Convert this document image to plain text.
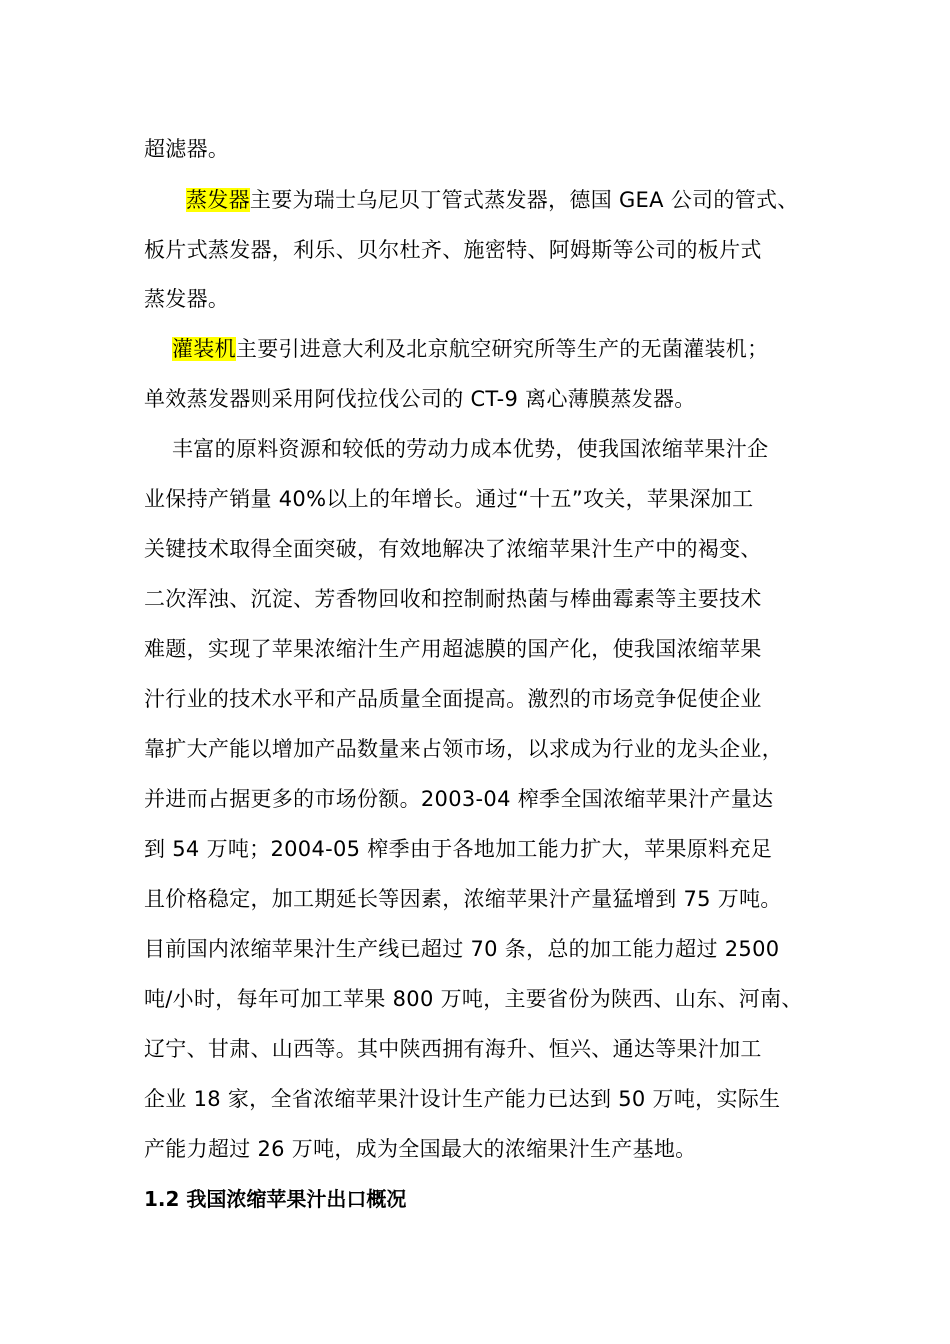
超滤器。
蒸发器主要为瑞士乌尼贝丁管式蒸发器，德国 GEA 公司的管式、
板片式蒸发器，利乐、贝尔杜齐、施密特、阿姆斯等公司的板片式
蒸发器。
灌装机主要引进意大利及北京航空研究所等生产的无菌灌装机；
单效蒸发器则采用阿伐拉伐公司的 CT-9 离心薄膜蒸发器。
丰富的原料资源和较低的劳动力成本优势，使我国浓缩苹果汁企
业保持产销量 40%以上的年增长。通过“十五”攻关，苹果深加工
关键技术取得全面突破，有效地解决了浓缩苹果汁生产中的褐变、
二次浑浊、沉淀、芳香物回收和控制耐热菌与棒曲霉素等主要技术
难题，实现了苹果浓缩汁生产用超滤膜的国产化，使我国浓缩苹果
汁行业的技术水平和产品质量全面提高。激烈的市场竞争促使企业
靠扩大产能以增加产品数量来占领市场，以求成为行业的龙头企业，
并进而占据更多的市场份额。2003-04 榨季全国浓缩苹果汁产量达
到 54 万吨；2004-05 榨季由于各地加工能力扩大，苹果原料充足
且价格稳定，加工期延长等因素，浓缩苹果汁产量猛增到 75 万吨。
目前国内浓缩苹果汁生产线已超过 70 条，总的加工能力超过 2500
吨/小时，每年可加工苹果 800 万吨，主要省份为陕西、山东、河南、
辽宁、甘肃、山西等。其中陕西拥有海升、恒兴、通达等果汁加工
企业 18 家，全省浓缩苹果汁设计生产能力已达到 50 万吨，实际生
产能力超过 26 万吨，成为全国最大的浓缩果汁生产基地。
1.2 我国浓缩苹果汁出口概况
